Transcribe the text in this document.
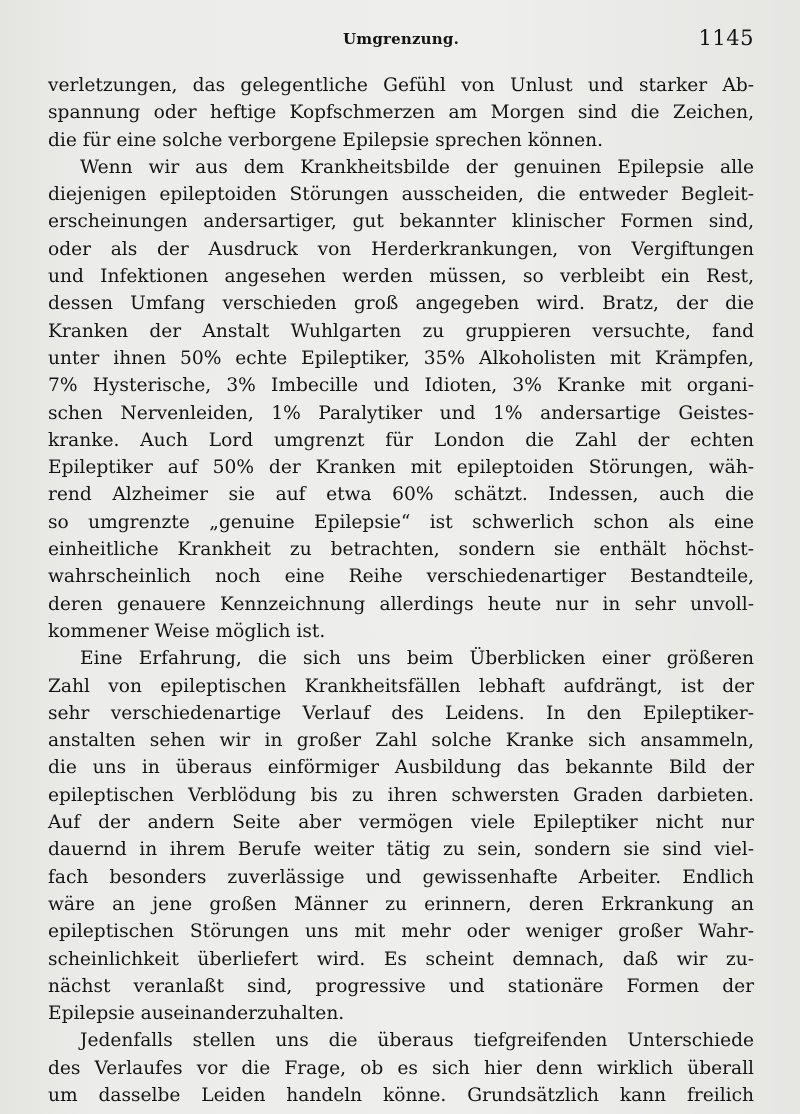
Umgrenzung.	1145
verletzungen, das gelegentliche Gefühl von Unlust und starker Ab-
spannung oder heftige Kopfschmerzen am Morgen sind die Zeichen,
die für eine solche verborgene Epilepsie sprechen können.
Wenn wir aus dem Krankheitsbilde der genuinen Epilepsie alle
diejenigen epileptoiden Störungen ausscheiden, die entweder Begleit-
erscheinungen andersartiger, gut bekannter klinischer Formen sind,
oder als der Ausdruck von Herderkrankungen, von Vergiftungen
und Infektionen angesehen werden müssen, so verbleibt ein Rest,
dessen Umfang verschieden groß angegeben wird. Bratz, der die
Kranken der Anstalt Wuhlgarten zu gruppieren versuchte, fand
unter ihnen 50% echte Epileptiker, 35% Alkoholisten mit Krämpfen,
7% Hysterische, 3% Imbecille und Idioten, 3% Kranke mit organi-
schen Nervenleiden, 1% Paralytiker und 1% andersartige Geistes-
kranke. Auch Lord umgrenzt für London die Zahl der echten
Epileptiker auf 50% der Kranken mit epileptoiden Störungen, wäh-
rend Alzheimer sie auf etwa 60% schätzt. Indessen, auch die
so umgrenzte „genuine Epilepsie“ ist schwerlich schon als eine
einheitliche Krankheit zu betrachten, sondern sie enthält höchst-
wahrscheinlich noch eine Reihe verschiedenartiger Bestandteile,
deren genauere Kennzeichnung allerdings heute nur in sehr unvoll-
kommener Weise möglich ist.
Eine Erfahrung, die sich uns beim Überblicken einer größeren
Zahl von epileptischen Krankheitsfällen lebhaft aufdrängt, ist der
sehr verschiedenartige Verlauf des Leidens. In den Epileptiker-
anstalten sehen wir in großer Zahl solche Kranke sich ansammeln,
die uns in überaus einförmiger Ausbildung das bekannte Bild der
epileptischen Verblödung bis zu ihren schwersten Graden darbieten.
Auf der andern Seite aber vermögen viele Epileptiker nicht nur
dauernd in ihrem Berufe weiter tätig zu sein, sondern sie sind viel-
fach besonders zuverlässige und gewissenhafte Arbeiter. Endlich
wäre an jene großen Männer zu erinnern, deren Erkrankung an
epileptischen Störungen uns mit mehr oder weniger großer Wahr-
scheinlichkeit überliefert wird. Es scheint demnach, daß wir zu-
nächst veranlaßt sind, progressive und stationäre Formen der
Epilepsie auseinanderzuhalten.
Jedenfalls stellen uns die überaus tiefgreifenden Unterschiede
des Verlaufes vor die Frage, ob es sich hier denn wirklich überall
um dasselbe Leiden handeln könne. Grundsätzlich kann freilich
